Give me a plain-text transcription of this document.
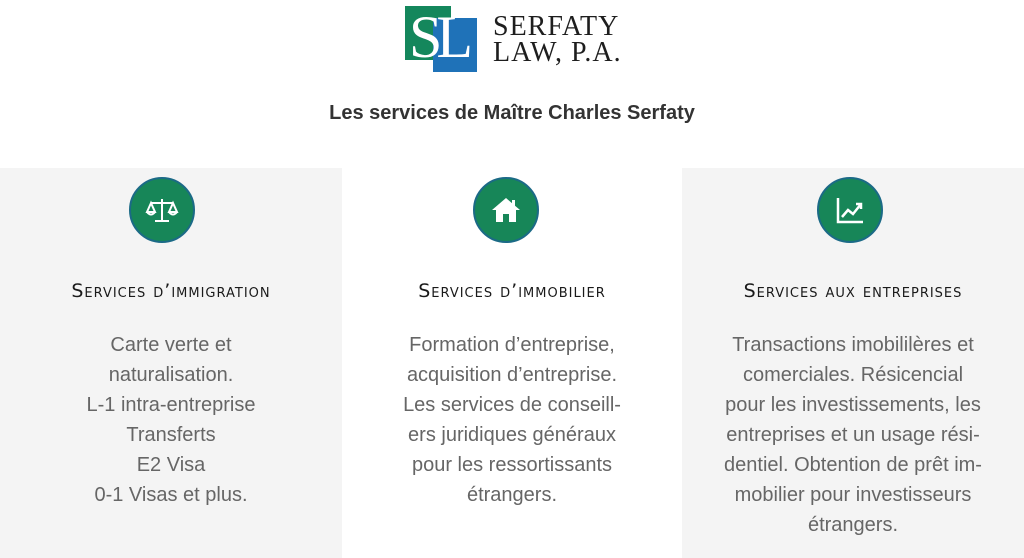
SL SERFATY
LAW, P.A.
Les services de Maître Charles Serfaty
Services d’immigration
Carte verte et
naturalisation.
L-1 intra-entreprise
Transferts
E2 Visa
0-1 Visas et plus.
Services d’immobilier
Formation d’entreprise,
acquisition d’entreprise.
Les services de conseill-
ers juridiques généraux
pour les ressortissants
étrangers.
Services aux entreprises
Transactions imobililères et
comerciales. Résicencial
pour les investissements, les
entreprises et un usage rési-
dentiel. Obtention de prêt im-
mobilier pour investisseurs
étrangers.
